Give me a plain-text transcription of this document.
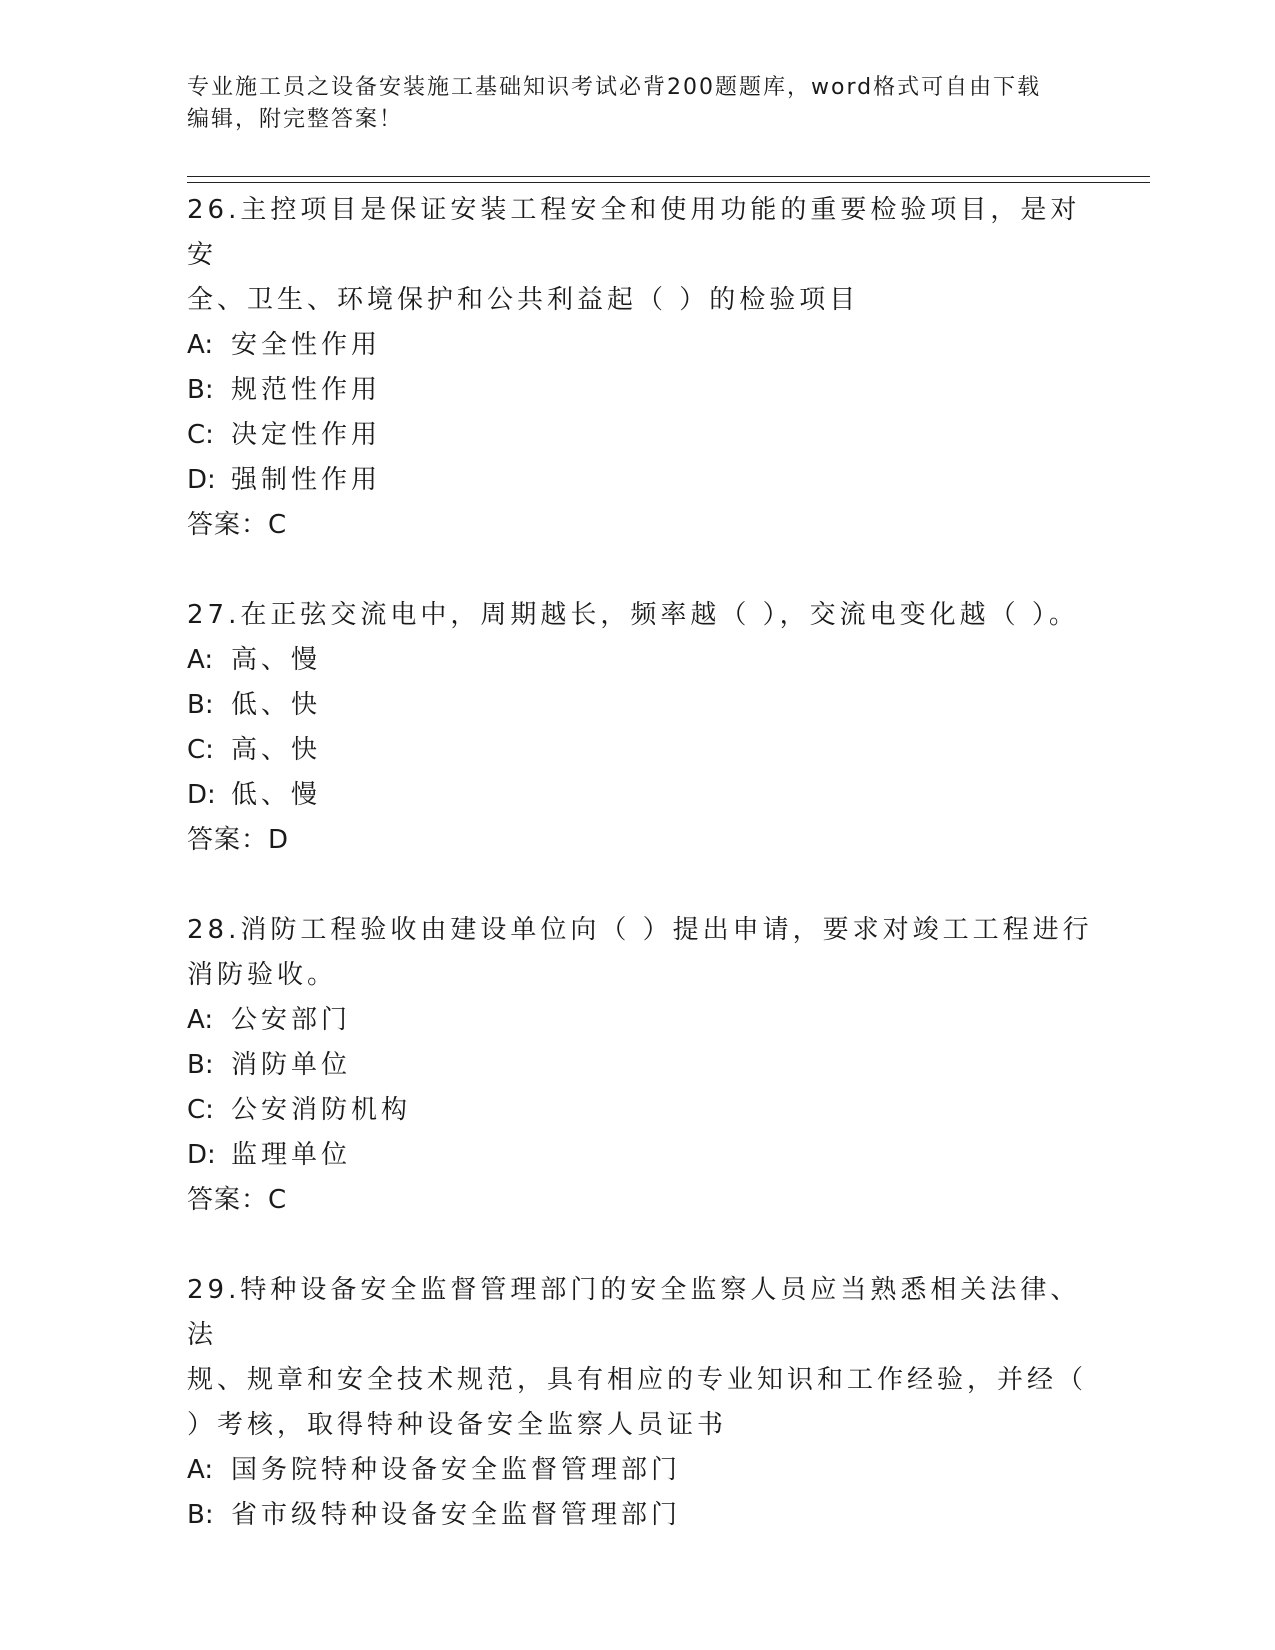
专业施工员之设备安装施工基础知识考试必背200题题库，word格式可自由下载

编辑，附完整答案！

26.主控项目是保证安装工程安全和使用功能的重要检验项目，是对安

全、卫生、环境保护和公共利益起（ ）的检验项目

A: 安全性作用
B: 规范性作用
C: 决定性作用
D: 强制性作用

答案：C

27.在正弦交流电中，周期越长，频率越（ ），交流电变化越（ ）。

A: 高、慢
B: 低、快
C: 高、快
D: 低、慢

答案：D

28.消防工程验收由建设单位向（ ）提出申请，要求对竣工工程进行

消防验收。

A: 公安部门
B: 消防单位
C: 公安消防机构
D: 监理单位

答案：C

29.特种设备安全监督管理部门的安全监察人员应当熟悉相关法律、法

规、规章和安全技术规范，具有相应的专业知识和工作经验，并经（

）考核，取得特种设备安全监察人员证书

A: 国务院特种设备安全监督管理部门
B: 省市级特种设备安全监督管理部门
